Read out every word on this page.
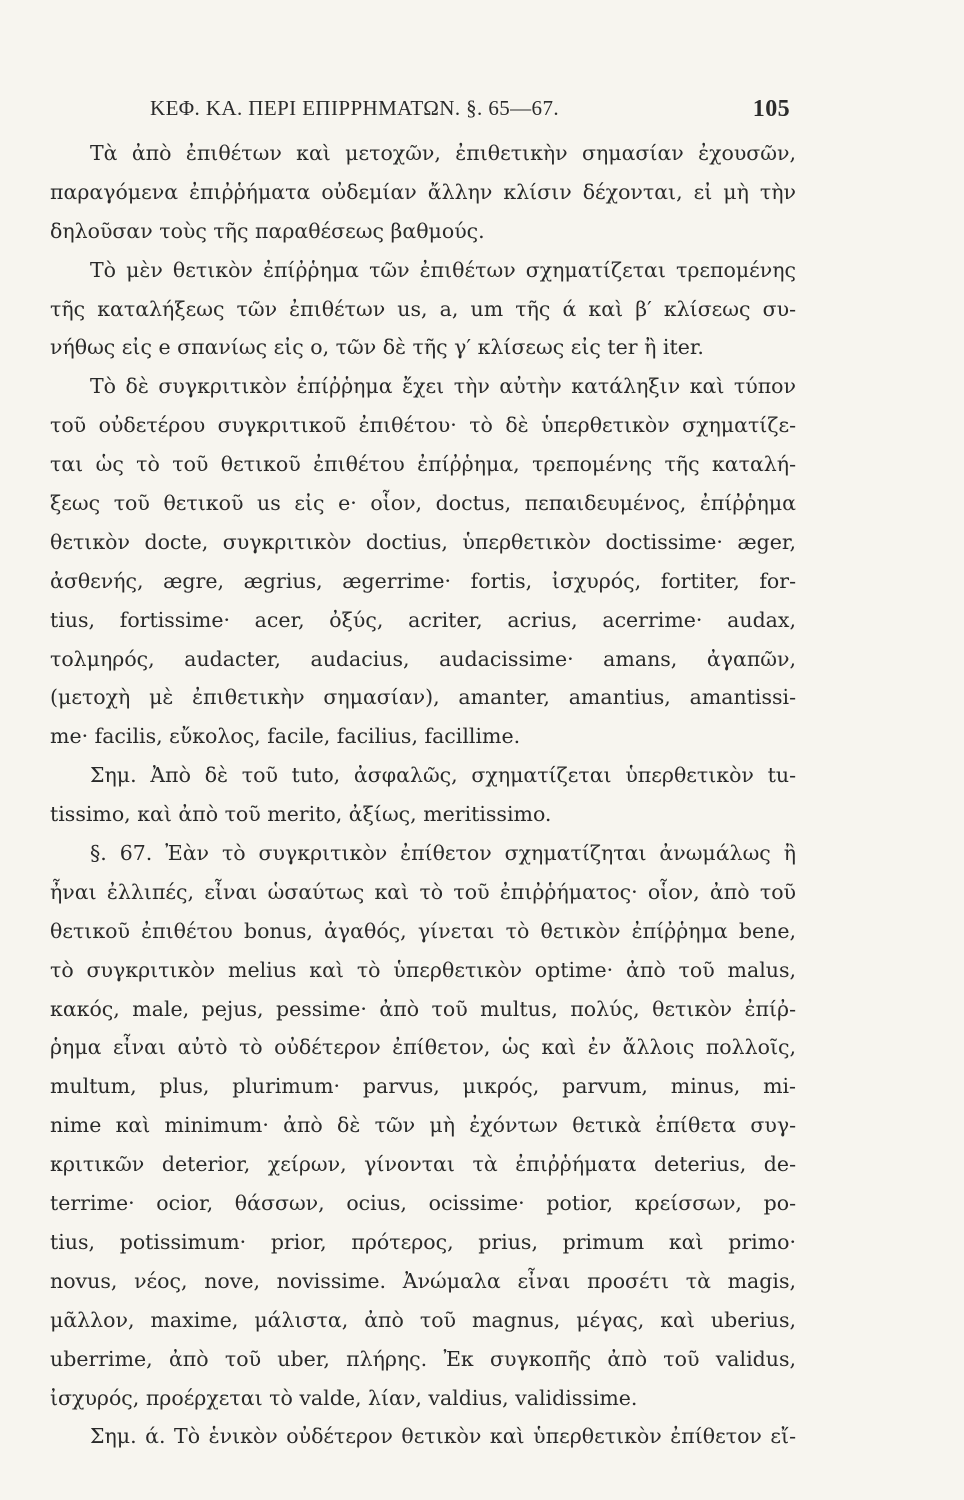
ΚΕΦ. ΚΑ. ΠΕΡΙ ΕΠΙΡΡΗΜΑΤΩΝ. §. 65—67.	105
Τὰ ἀπὸ ἐπιθέτων καὶ μετοχῶν, ἐπιθετικὴν σημασίαν ἐχουσῶν,
παραγόμενα ἐπιῤῥήματα οὐδεμίαν ἄλλην κλίσιν δέχονται, εἰ μὴ τὴν
δηλοῦσαν τοὺς τῆς παραθέσεως βαθμούς.
Τὸ μὲν θετικὸν ἐπίῤῥημα τῶν ἐπιθέτων σχηματίζεται τρεπομένης
τῆς καταλήξεως τῶν ἐπιθέτων us, a, um τῆς ά καὶ β′ κλίσεως συ-
νήθως εἰς e σπανίως εἰς o, τῶν δὲ τῆς γ′ κλίσεως εἰς ter ἢ iter.
Τὸ δὲ συγκριτικὸν ἐπίῤῥημα ἔχει τὴν αὐτὴν κατάληξιν καὶ τύπον
τοῦ οὐδετέρου συγκριτικοῦ ἐπιθέτου· τὸ δὲ ὑπερθετικὸν σχηματίζε-
ται ὡς τὸ τοῦ θετικοῦ ἐπιθέτου ἐπίῤῥημα, τρεπομένης τῆς καταλή-
ξεως τοῦ θετικοῦ us εἰς e· οἷον, doctus, πεπαιδευμένος, ἐπίῤῥημα
θετικὸν docte, συγκριτικὸν doctius, ὑπερθετικὸν doctissime· æger,
ἀσθενής, ægre, ægrius, ægerrime· fortis, ἰσχυρός, fortiter, for-
tius, fortissime· acer, ὀξύς, acriter, acrius, acerrime· audax,
τολμηρός, audacter, audacius, audacissime· amans, ἀγαπῶν,
(μετοχὴ μὲ ἐπιθετικὴν σημασίαν), amanter, amantius, amantissi-
me· facilis, εὔκολος, facile, facilius, facillime.
Σημ. Ἀπὸ δὲ τοῦ tuto, ἀσφαλῶς, σχηματίζεται ὑπερθετικὸν tu-
tissimo, καὶ ἀπὸ τοῦ merito, ἀξίως, meritissimo.
§. 67. Ἐὰν τὸ συγκριτικὸν ἐπίθετον σχηματίζηται ἀνωμάλως ἢ
ἦναι ἐλλιπές, εἶναι ὡσαύτως καὶ τὸ τοῦ ἐπιῤῥήματος· οἷον, ἀπὸ τοῦ
θετικοῦ ἐπιθέτου bonus, ἀγαθός, γίνεται τὸ θετικὸν ἐπίῤῥημα bene,
τὸ συγκριτικὸν melius καὶ τὸ ὑπερθετικὸν optime· ἀπὸ τοῦ malus,
κακός, male, pejus, pessime· ἀπὸ τοῦ multus, πολύς, θετικὸν ἐπίῤ-
ῥημα εἶναι αὐτὸ τὸ οὐδέτερον ἐπίθετον, ὡς καὶ ἐν ἄλλοις πολλοῖς,
multum, plus, plurimum· parvus, μικρός, parvum, minus, mi-
nime καὶ minimum· ἀπὸ δὲ τῶν μὴ ἐχόντων θετικὰ ἐπίθετα συγ-
κριτικῶν deterior, χείρων, γίνονται τὰ ἐπιῤῥήματα deterius, de-
terrime· ocior, θάσσων, ocius, ocissime· potior, κρείσσων, po-
tius, potissimum· prior, πρότερος, prius, primum καὶ primo·
novus, νέος, nove, novissime. Ἀνώμαλα εἶναι προσέτι τὰ magis,
μᾶλλον, maxime, μάλιστα, ἀπὸ τοῦ magnus, μέγας, καὶ uberius,
uberrime, ἀπὸ τοῦ uber, πλήρης. Ἐκ συγκοπῆς ἀπὸ τοῦ validus,
ἰσχυρός, προέρχεται τὸ valde, λίαν, valdius, validissime.
Σημ. ά. Τὸ ἑνικὸν οὐδέτερον θετικὸν καὶ ὑπερθετικὸν ἐπίθετον εἴ-
